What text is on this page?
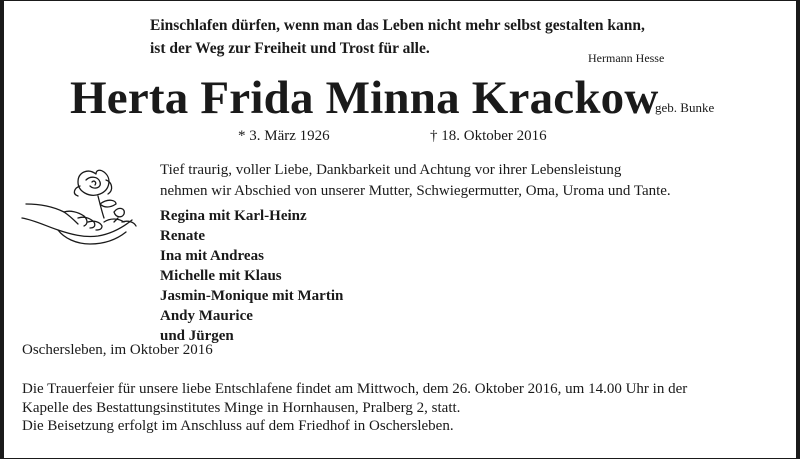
Einschlafen dürfen, wenn man das Leben nicht mehr selbst gestalten kann,
ist der Weg zur Freiheit und Trost für alle.
Hermann Hesse
Herta Frida Minna Krackow
geb. Bunke
* 3. März 1926	† 18. Oktober 2016
Tief traurig, voller Liebe, Dankbarkeit und Achtung vor ihrer Lebensleistung
nehmen wir Abschied von unserer Mutter, Schwiegermutter, Oma, Uroma und Tante.
Regina mit Karl-Heinz
Renate
Ina mit Andreas
Michelle mit Klaus
Jasmin-Monique mit Martin
Andy Maurice
und Jürgen
Oschersleben, im Oktober 2016

Die Trauerfeier für unsere liebe Entschlafene findet am Mittwoch, dem 26. Oktober 2016, um 14.00 Uhr in der

Kapelle des Bestattungsinstitutes Minge in Hornhausen, Pralberg 2, statt.

Die Beisetzung erfolgt im Anschluss auf dem Friedhof in Oschersleben.
